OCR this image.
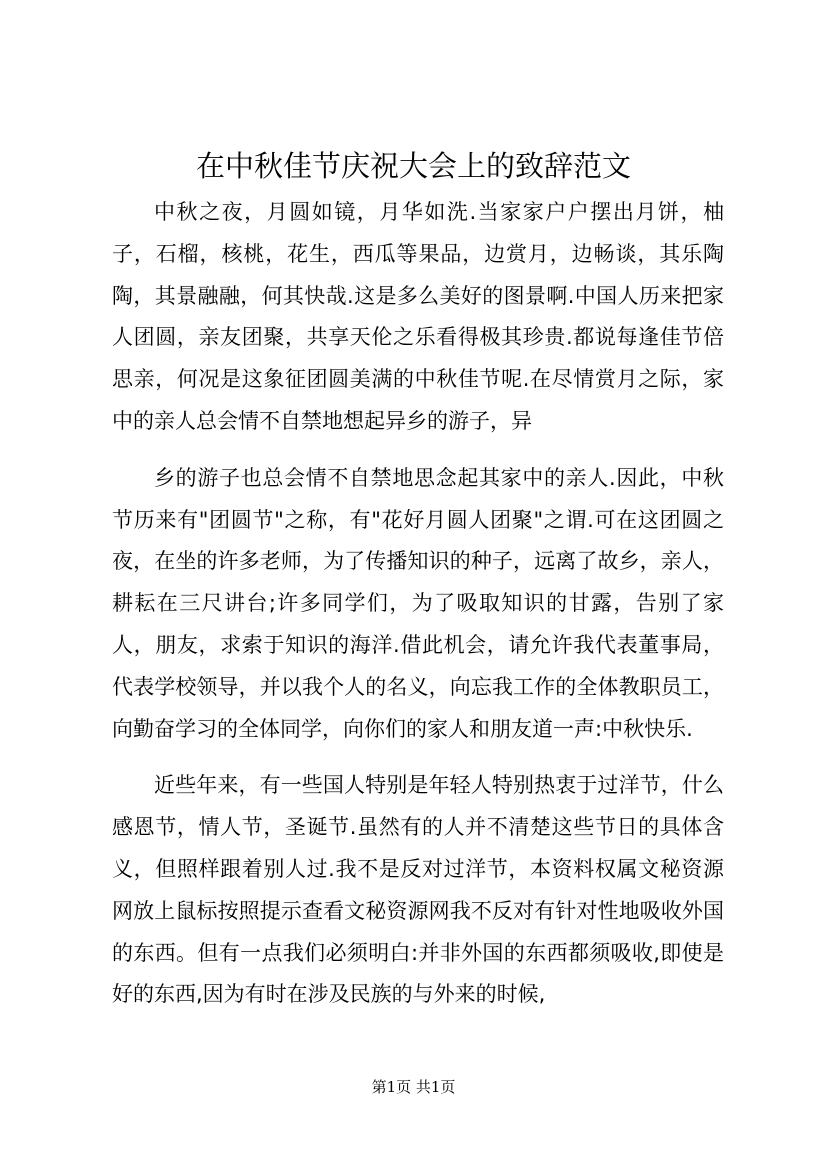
在中秋佳节庆祝大会上的致辞范文

中秋之夜，月圆如镜，月华如洗.当家家户户摆出月饼，柚子，石榴，核桃，花生，西瓜等果品，边赏月，边畅谈，其乐陶陶，其景融融，何其快哉.这是多么美好的图景啊.中国人历来把家人团圆，亲友团聚，共享天伦之乐看得极其珍贵.都说每逢佳节倍思亲，何况是这象征团圆美满的中秋佳节呢.在尽情赏月之际，家中的亲人总会情不自禁地想起异乡的游子，异

乡的游子也总会情不自禁地思念起其家中的亲人.因此，中秋节历来有"团圆节"之称，有"花好月圆人团聚"之谓.可在这团圆之夜，在坐的许多老师，为了传播知识的种子，远离了故乡，亲人，耕耘在三尺讲台;许多同学们，为了吸取知识的甘露，告别了家人，朋友，求索于知识的海洋.借此机会，请允许我代表董事局，代表学校领导，并以我个人的名义，向忘我工作的全体教职员工，向勤奋学习的全体同学，向你们的家人和朋友道一声:中秋快乐.

近些年来，有一些国人特别是年轻人特别热衷于过洋节，什么感恩节，情人节，圣诞节.虽然有的人并不清楚这些节日的具体含义，但照样跟着别人过.我不是反对过洋节，本资料权属文秘资源网放上鼠标按照提示查看文秘资源网我不反对有针对性地吸收外国的东西。但有一点我们必须明白:并非外国的东西都须吸收,即使是好的东西,因为有时在涉及民族的与外来的时候,

第1页 共1页
